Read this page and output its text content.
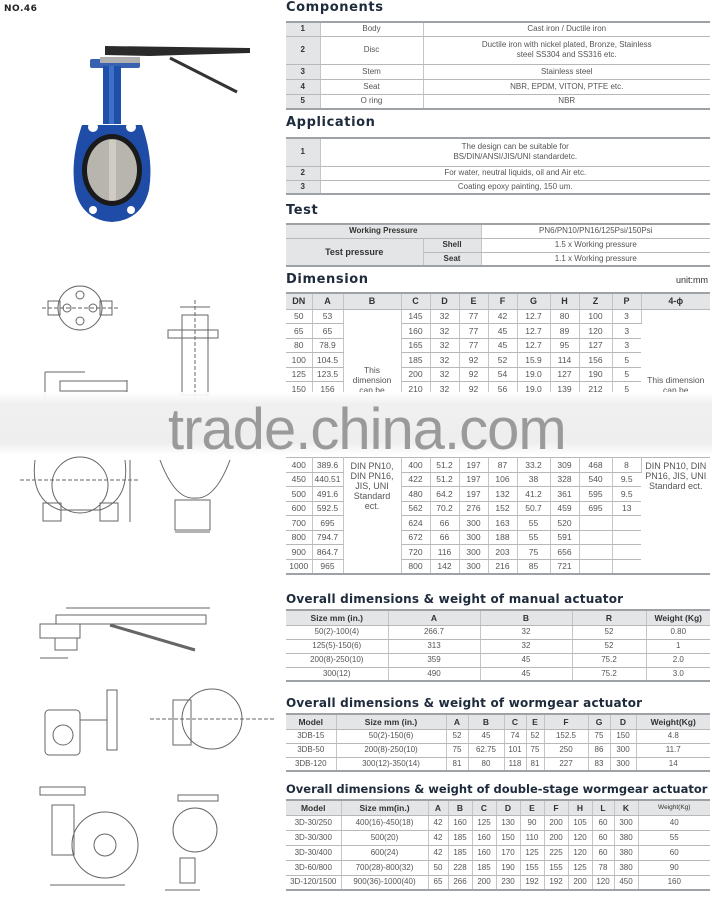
NO.46	Components
1	Body	Cast iron / Ductile iron
2	Disc	Ductile iron with nickel plated, Bronze, Stainless steel SS304 and SS316 etc.
3	Stem	Stainless steel
4	Seat	NBR, EPDM, VITON, PTFE etc.
5	O ring	NBR
Application
1	The design can be suitable for BS/DIN/ANSI/JIS/UNI standardetc.
2	For water, neutral liquids, oil and Air etc.
3	Coating epoxy painting, 150 um.
Test
Working Pressure		PN6/PN10/PN16/125Psi/150Psi
Test pressure	Shell	1.5 x Working pressure
	Seat	1.1 x Working pressure
Dimension	unit:mm
DN	A	B	C	D	E	F	G	H	Z	P	4-ϕ
50	53	This dimension can be	145	32	77	42	12.7	80	100	3	This dimension can be
65	65		160	32	77	45	12.7	89	120	3	
80	78.9		165	32	77	45	12.7	95	127	3	
100	104.5		185	32	92	52	15.9	114	156	5	
125	123.5		200	32	92	54	19.0	127	190	5	
150	156		210	32	92	56	19.0	139	212	5	
400	389.6	DIN PN10, DIN PN16, JIS, UNI Standard ect.	400	51.2	197	87	33.2	309	468	8	DIN PN10, DIN PN16, JIS, UNI Standard ect.
450	440.51		422	51.2	197	106	38	328	540	9.5	
500	491.6		480	64.2	197	132	41.2	361	595	9.5	
600	592.5		562	70.2	276	152	50.7	459	695	13	
700	695		624	66	300	163	55	520			
800	794.7		672	66	300	188	55	591			
900	864.7		720	116	300	203	75	656			
1000	965		800	142	300	216	85	721			
Overall dimensions & weight of manual actuator
Size mm (in.)	A	B	R	Weight (Kg)
50(2)-100(4)	266.7	32	52	0.80
125(5)-150(6)	313	32	52	1
200(8)-250(10)	359	45	75.2	2.0
300(12)	490	45	75.2	3.0
Overall dimensions & weight of wormgear actuator
Model	Size mm (in.)	A	B	C	E	F	G	D	Weight(Kg)
3DB-15	50(2)-150(6)	52	45	74	52	152.5	75	150	4.8
3DB-50	200(8)-250(10)	75	62.75	101	75	250	86	300	11.7
3DB-120	300(12)-350(14)	81	80	118	81	227	83	300	14
Overall dimensions & weight of double-stage wormgear actuator
Model	Size mm(in.)	A	B	C	D	E	F	H	L	K	Weight(Kg)
3D-30/250	400(16)-450(18)	42	160	125	130	90	200	105	60	300	40
3D-30/300	500(20)	42	185	160	150	110	200	120	60	380	55
3D-30/400	600(24)	42	185	160	170	125	225	120	60	380	60
3D-60/800	700(28)-800(32)	50	228	185	190	155	155	125	78	380	90
3D-120/1500	900(36)-1000(40)	65	266	200	230	192	192	200	120	450	160
trade.china.com
